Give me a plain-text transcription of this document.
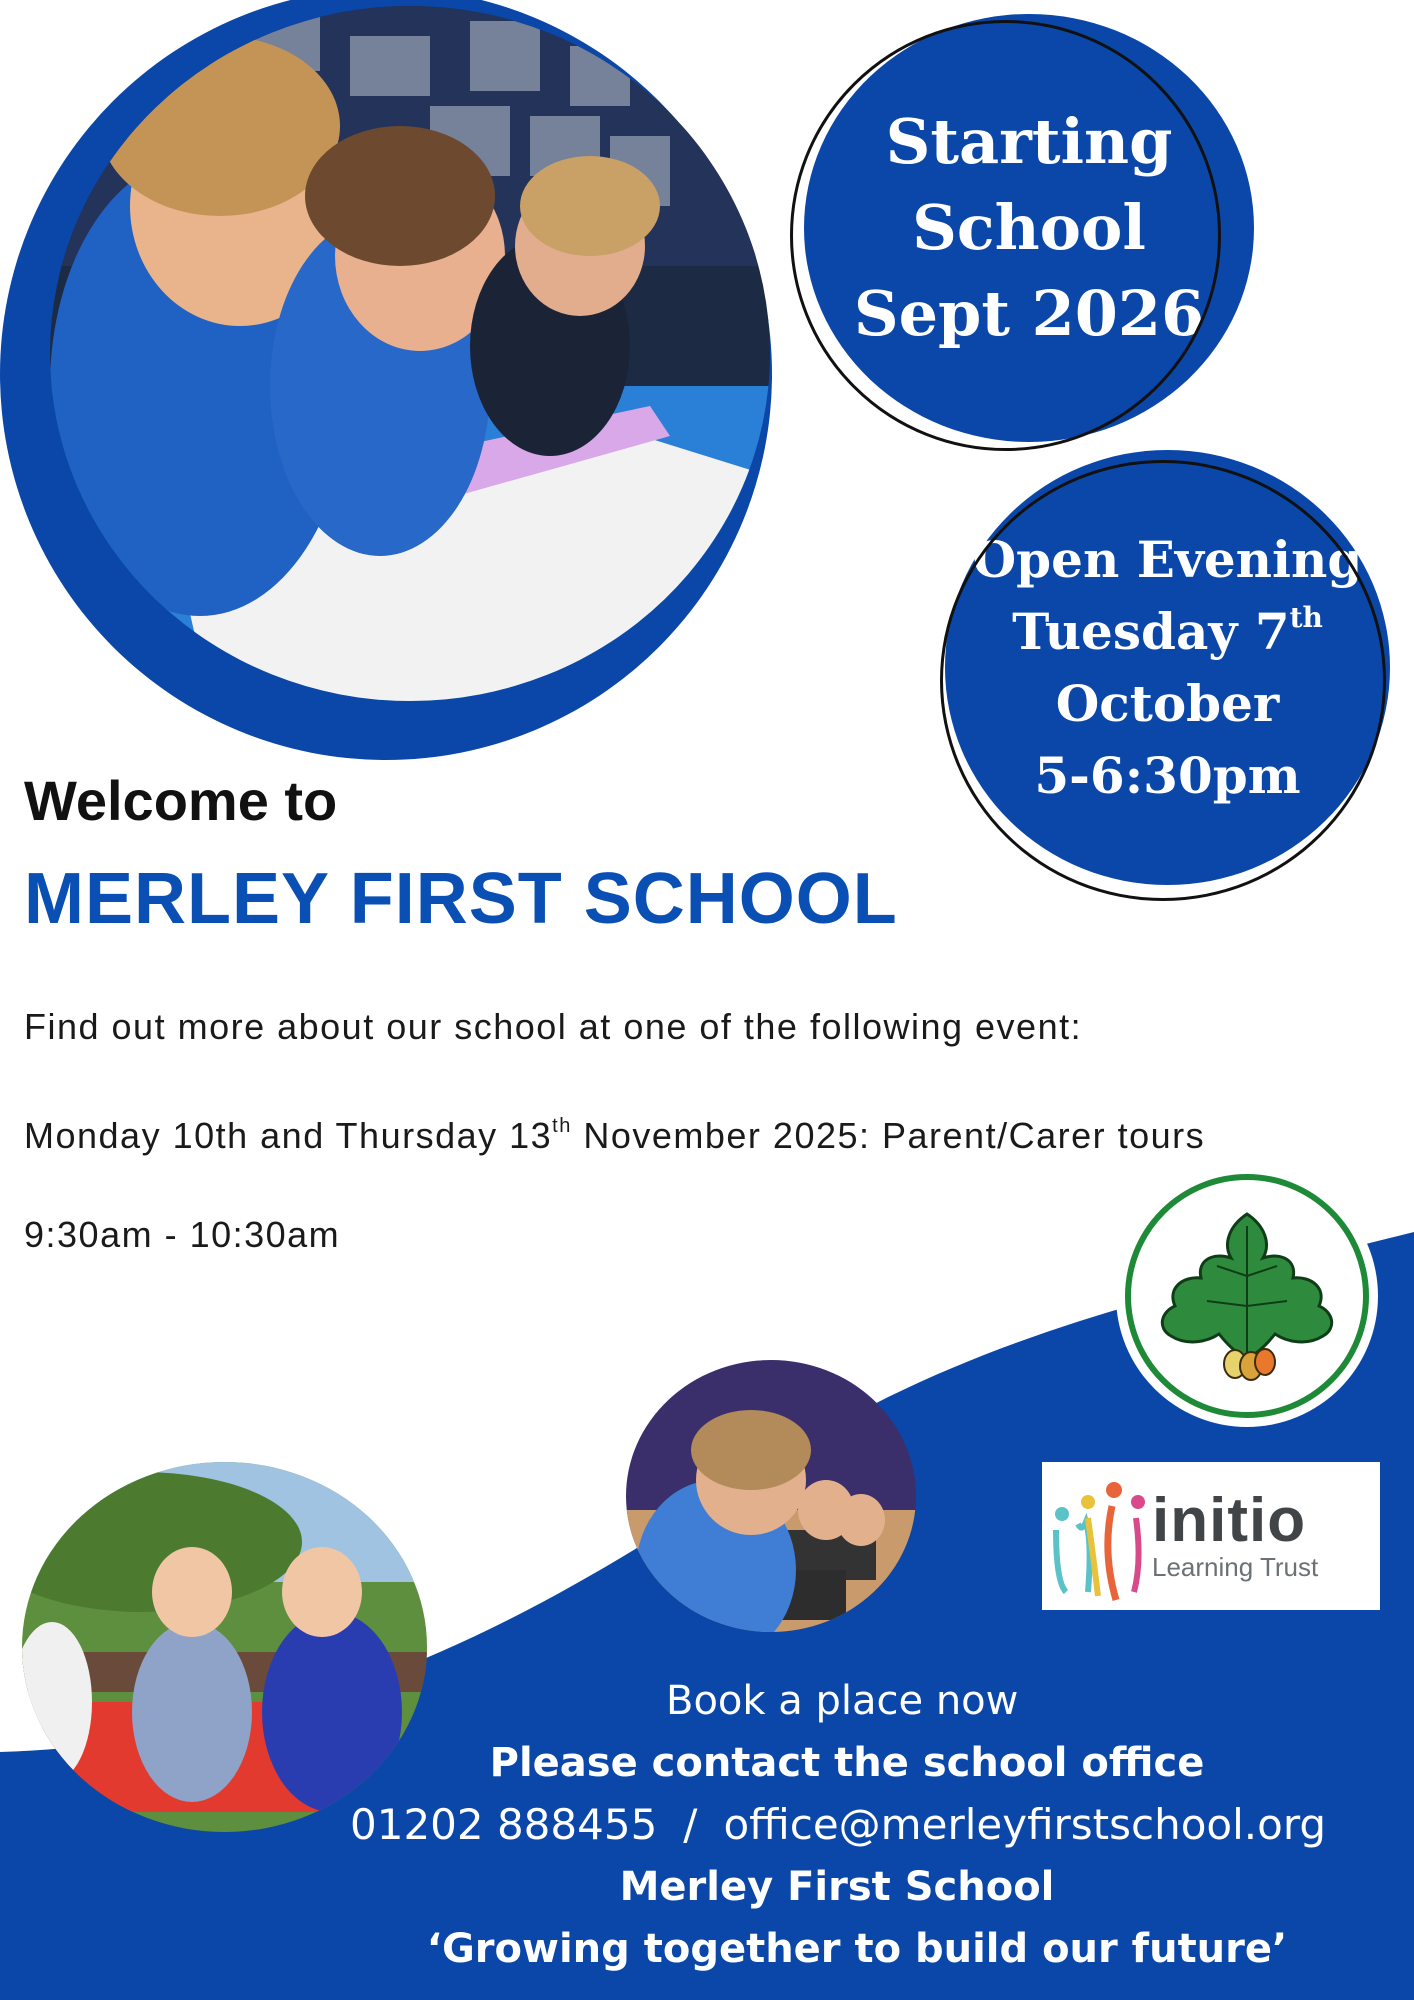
Starting
School
Sept 2026
Open Evening
Tuesday 7th
October
5-6:30pm
Welcome to
MERLEY FIRST SCHOOL
Find out more about our school at one of the following event:
Monday 10th and Thursday 13th November 2025: Parent/Carer tours
9:30am - 10:30am
initio
Learning Trust
Book a place now
Please contact the school office
01202 888455 / office@merleyfirstschool.org
Merley First School
‘Growing together to build our future’
